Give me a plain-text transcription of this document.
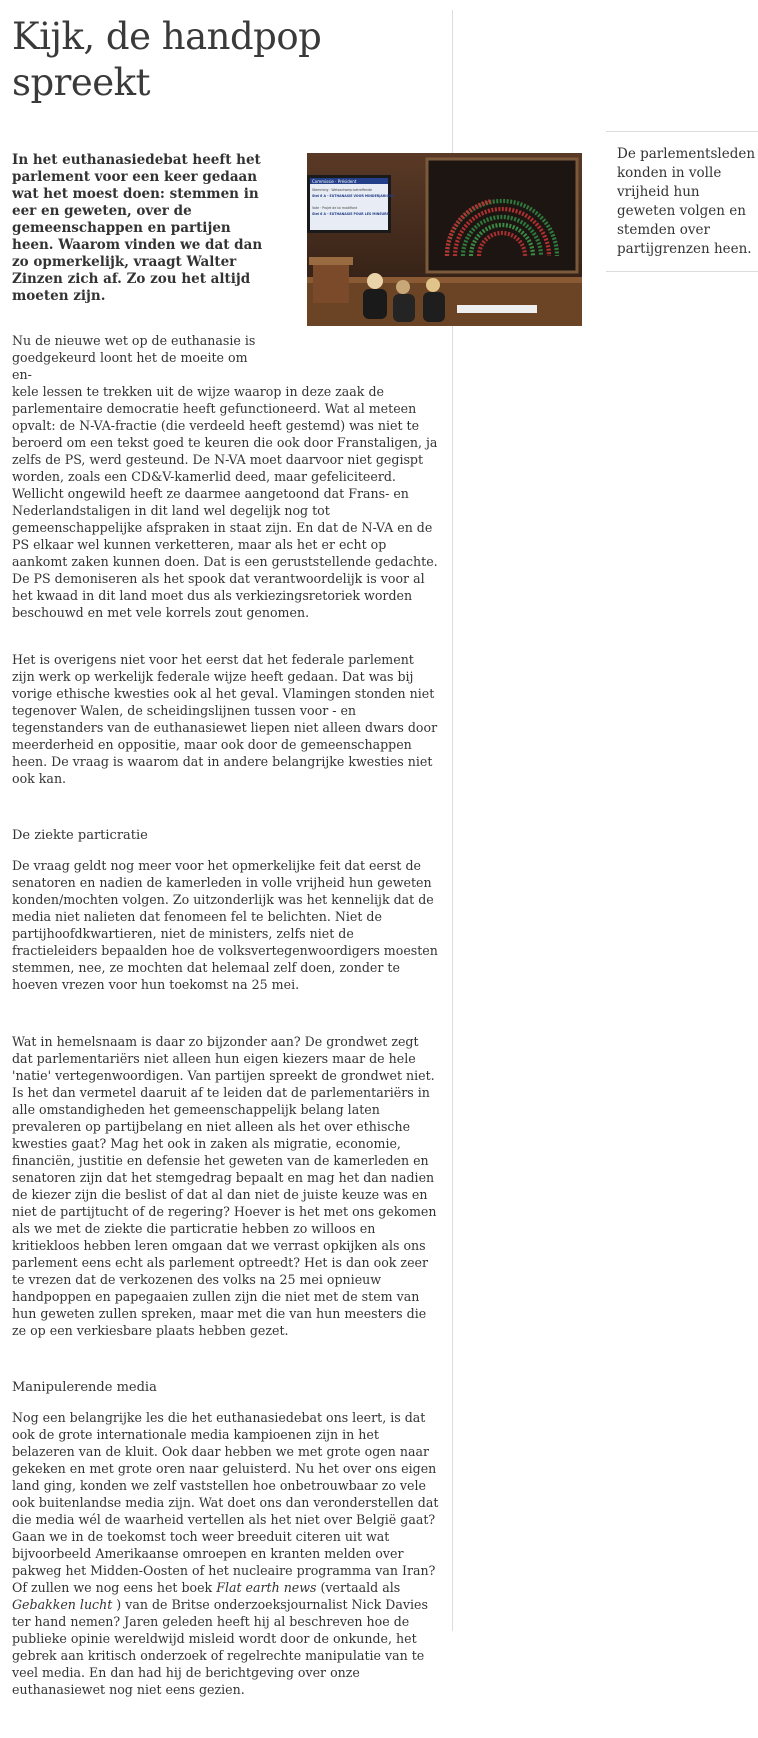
Kijk, de handpop spreekt

In het euthanasiedebat heeft het parlement voor een keer gedaan wat het moest doen: stemmen in eer en geweten, over de gemeenschappen en partijen heen. Waarom vinden we dat dan zo opmerkelijk, vraagt Walter Zinzen zich af. Zo zou het altijd moeten zijn.

Commissie · Président
Stemming · Wetsontwerp betreffende
Stel 6 A - EUTHANASIE VOOR MINDERJARIGEN
Vote · Projet de loi modifiant
Stel 6 A - EUTHANASIE POUR LES MINEURS
De parlementsleden konden in volle vrijheid hun geweten volgen en stemden over partijgrenzen heen.

Nu de nieuwe wet op de euthanasie is goedgekeurd loont het de moeite om en-
kele lessen te trekken uit de wijze waarop in deze zaak de parlementaire democratie heeft gefunctioneerd. Wat al meteen opvalt: de N-VA-fractie (die verdeeld heeft gestemd) was niet te beroerd om een tekst goed te keuren die ook door Franstaligen, ja zelfs de PS, werd gesteund. De N-VA moet daarvoor niet gegispt worden, zoals een CD&V-kamerlid deed, maar gefeliciteerd. Wellicht ongewild heeft ze daarmee aangetoond dat Frans- en Nederlandstaligen in dit land wel degelijk nog tot gemeenschappelijke afspraken in staat zijn. En dat de N-VA en de PS elkaar wel kunnen verketteren, maar als het er echt op aankomt zaken kunnen doen. Dat is een geruststellende gedachte. De PS demoniseren als het spook dat verantwoordelijk is voor al het kwaad in dit land moet dus als verkiezingsretoriek worden beschouwd en met vele korrels zout genomen.

Het is overigens niet voor het eerst dat het federale parlement zijn werk op werkelijk federale wijze heeft gedaan. Dat was bij vorige ethische kwesties ook al het geval. Vlamingen stonden niet tegenover Walen, de scheidingslijnen tussen voor - en tegenstanders van de euthanasiewet liepen niet alleen dwars door meerderheid en oppositie, maar ook door de gemeenschappen heen. De vraag is waarom dat in andere belangrijke kwesties niet ook kan.

De ziekte particratie

De vraag geldt nog meer voor het opmerkelijke feit dat eerst de senatoren en nadien de kamerleden in volle vrijheid hun geweten konden/mochten volgen. Zo uitzonderlijk was het kennelijk dat de media niet nalieten dat fenomeen fel te belichten. Niet de partijhoofdkwartieren, niet de ministers, zelfs niet de fractieleiders bepaalden hoe de volksvertegenwoordigers moesten stemmen, nee, ze mochten dat helemaal zelf doen, zonder te hoeven vrezen voor hun toekomst na 25 mei.

Wat in hemelsnaam is daar zo bijzonder aan? De grondwet zegt dat parlementariërs niet alleen hun eigen kiezers maar de hele 'natie' vertegenwoordigen. Van partijen spreekt de grondwet niet. Is het dan vermetel daaruit af te leiden dat de parlementariërs in alle omstandigheden het gemeenschappelijk belang laten prevaleren op partijbelang en niet alleen als het over ethische kwesties gaat? Mag het ook in zaken als migratie, economie, financiën, justitie en defensie het geweten van de kamerleden en senatoren zijn dat het stemgedrag bepaalt en mag het dan nadien de kiezer zijn die beslist of dat al dan niet de juiste keuze was en niet de partijtucht of de regering? Hoever is het met ons gekomen als we met de ziekte die particratie hebben zo willoos en kritiekloos hebben leren omgaan dat we verrast opkijken als ons parlement eens echt als parlement optreedt? Het is dan ook zeer te vrezen dat de verkozenen des volks na 25 mei opnieuw handpoppen en papegaaien zullen zijn die niet met de stem van hun geweten zullen spreken, maar met die van hun meesters die ze op een verkiesbare plaats hebben gezet.

Manipulerende media

Nog een belangrijke les die het euthanasiedebat ons leert, is dat ook de grote internationale media kampioenen zijn in het belazeren van de kluit. Ook daar hebben we met grote ogen naar gekeken en met grote oren naar geluisterd. Nu het over ons eigen land ging, konden we zelf vaststellen hoe onbetrouwbaar zo vele ook buitenlandse media zijn. Wat doet ons dan veronderstellen dat die media wél de waarheid vertellen als het niet over België gaat? Gaan we in de toekomst toch weer breeduit citeren uit wat bijvoorbeeld Amerikaanse omroepen en kranten melden over pakweg het Midden-Oosten of het nucleaire programma van Iran? Of zullen we nog eens het boek Flat earth news (vertaald als Gebakken lucht ) van de Britse onderzoeksjournalist Nick Davies ter hand nemen? Jaren geleden heeft hij al beschreven hoe de publieke opinie wereldwijd misleid wordt door de onkunde, het gebrek aan kritisch onderzoek of regelrechte manipulatie van te veel media. En dan had hij de berichtgeving over onze euthanasiewet nog niet eens gezien.
